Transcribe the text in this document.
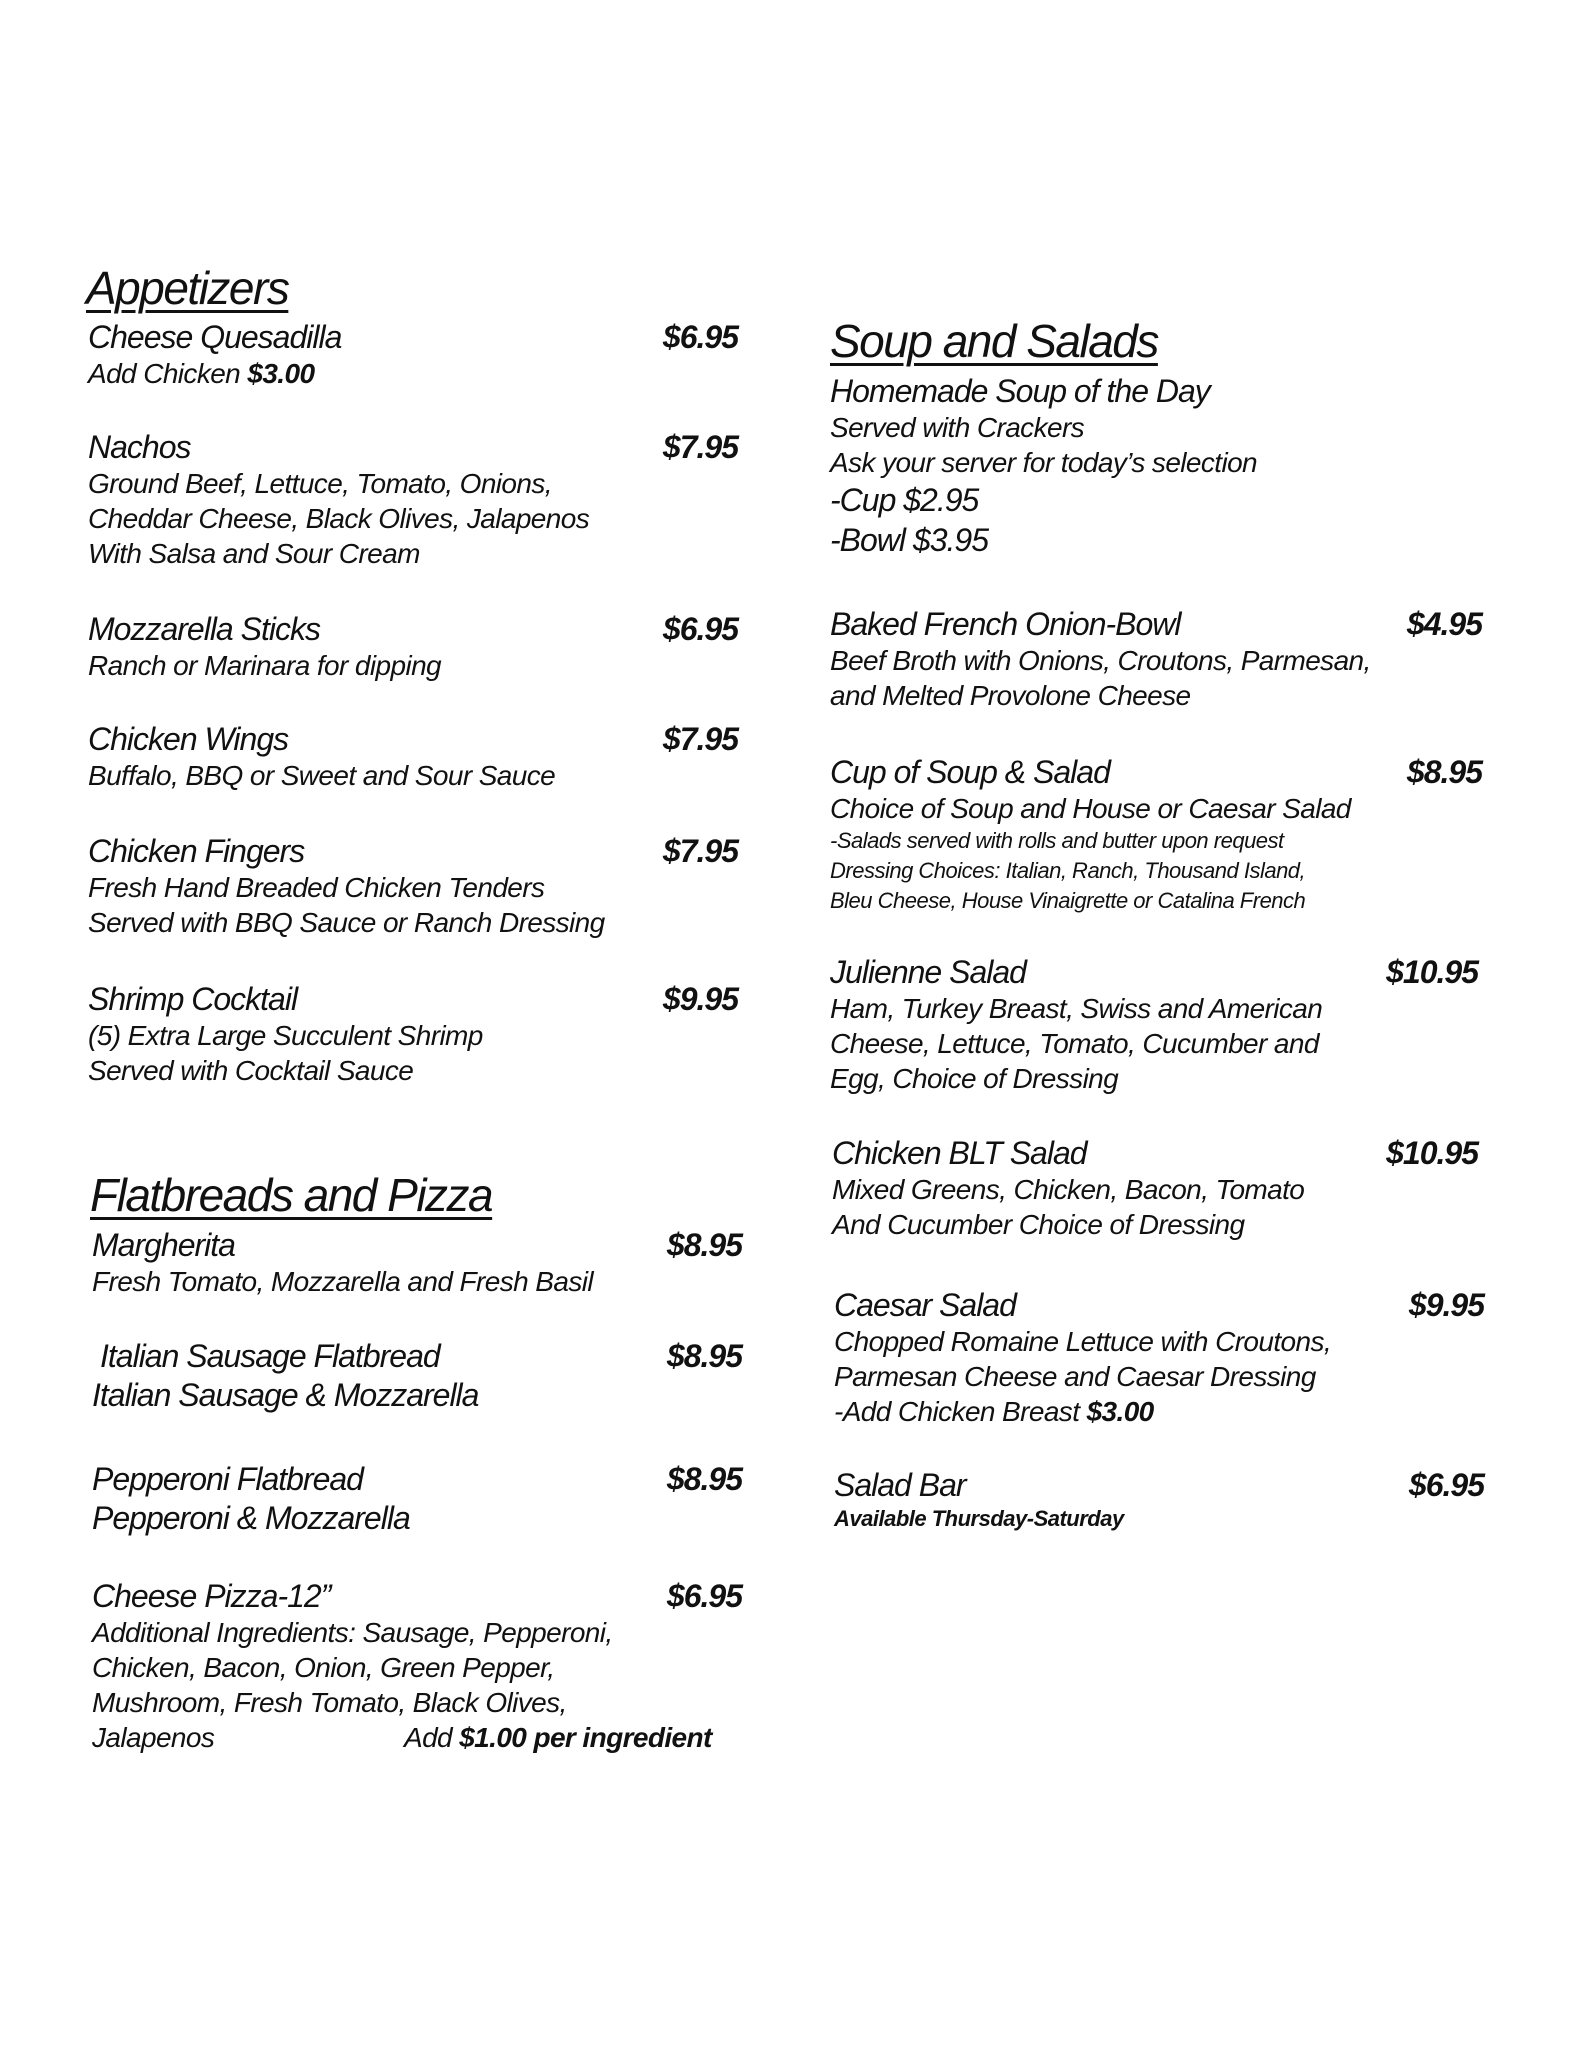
Appetizers
Cheese Quesadilla	$6.95
Add Chicken $3.00
Nachos	$7.95
Ground Beef, Lettuce, Tomato, Onions,
Cheddar Cheese, Black Olives, Jalapenos
With Salsa and Sour Cream
Mozzarella Sticks	$6.95
Ranch or Marinara for dipping
Chicken Wings	$7.95
Buffalo, BBQ or Sweet and Sour Sauce
Chicken Fingers	$7.95
Fresh Hand Breaded Chicken Tenders
Served with BBQ Sauce or Ranch Dressing
Shrimp Cocktail	$9.95
(5) Extra Large Succulent Shrimp
Served with Cocktail Sauce
Flatbreads and Pizza
Margherita	$8.95
Fresh Tomato, Mozzarella and Fresh Basil
Italian Sausage Flatbread	$8.95
Italian Sausage & Mozzarella
Pepperoni Flatbread	$8.95
Pepperoni & Mozzarella
Cheese Pizza-12”	$6.95
Additional Ingredients: Sausage, Pepperoni,
Chicken, Bacon, Onion, Green Pepper,
Mushroom, Fresh Tomato, Black Olives,
Jalapenos	Add $1.00 per ingredient
Soup and Salads
Homemade Soup of the Day
Served with Crackers
Ask your server for today’s selection
-Cup $2.95
-Bowl $3.95
Baked French Onion-Bowl	$4.95
Beef Broth with Onions, Croutons, Parmesan,
and Melted Provolone Cheese
Cup of Soup & Salad	$8.95
Choice of Soup and House or Caesar Salad
-Salads served with rolls and butter upon request
Dressing Choices: Italian, Ranch, Thousand Island,
Bleu Cheese, House Vinaigrette or Catalina French
Julienne Salad	$10.95
Ham, Turkey Breast, Swiss and American
Cheese, Lettuce, Tomato, Cucumber and
Egg, Choice of Dressing
Chicken BLT Salad	$10.95
Mixed Greens, Chicken, Bacon, Tomato
And Cucumber Choice of Dressing
Caesar Salad	$9.95
Chopped Romaine Lettuce with Croutons,
Parmesan Cheese and Caesar Dressing
-Add Chicken Breast $3.00
Salad Bar	$6.95
Available Thursday-Saturday
